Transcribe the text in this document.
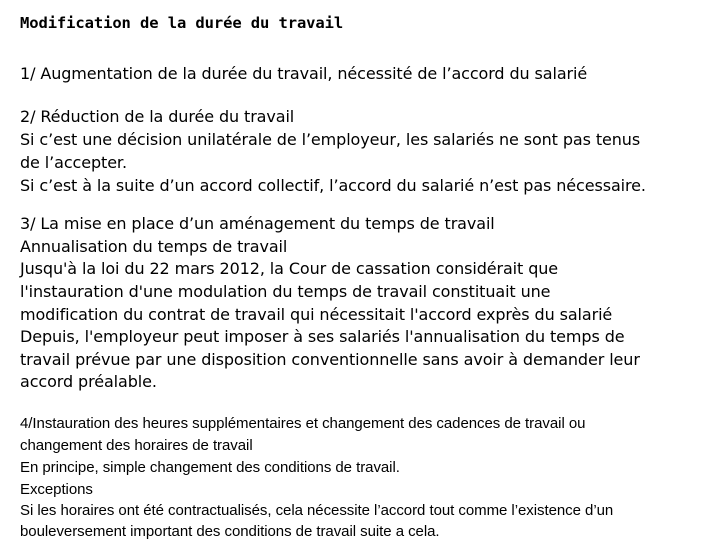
Modification de la durée du travail
1/ Augmentation de la durée du travail, nécessité de l’accord du salarié
2/ Réduction de la durée du travail
Si c’est une décision unilatérale de l’employeur, les salariés ne sont pas tenus
de l’accepter.
Si c’est à la suite d’un accord collectif, l’accord du salarié n’est pas nécessaire.
3/ La mise en place d’un aménagement du temps de travail
Annualisation du temps de travail
Jusqu'à la loi du 22 mars 2012, la Cour de cassation considérait que
l'instauration d'une modulation du temps de travail constituait une
modification du contrat de travail qui nécessitait l'accord exprès du salarié
Depuis, l'employeur peut imposer à ses salariés l'annualisation du temps de
travail prévue par une disposition conventionnelle sans avoir à demander leur
accord préalable.
4/Instauration des heures supplémentaires et changement des cadences de travail ou
changement des horaires de travail
En principe, simple changement des conditions de travail.
Exceptions
Si les horaires ont été contractualisés, cela nécessite l’accord tout comme l’existence d’un
bouleversement important des conditions de travail suite a cela.
